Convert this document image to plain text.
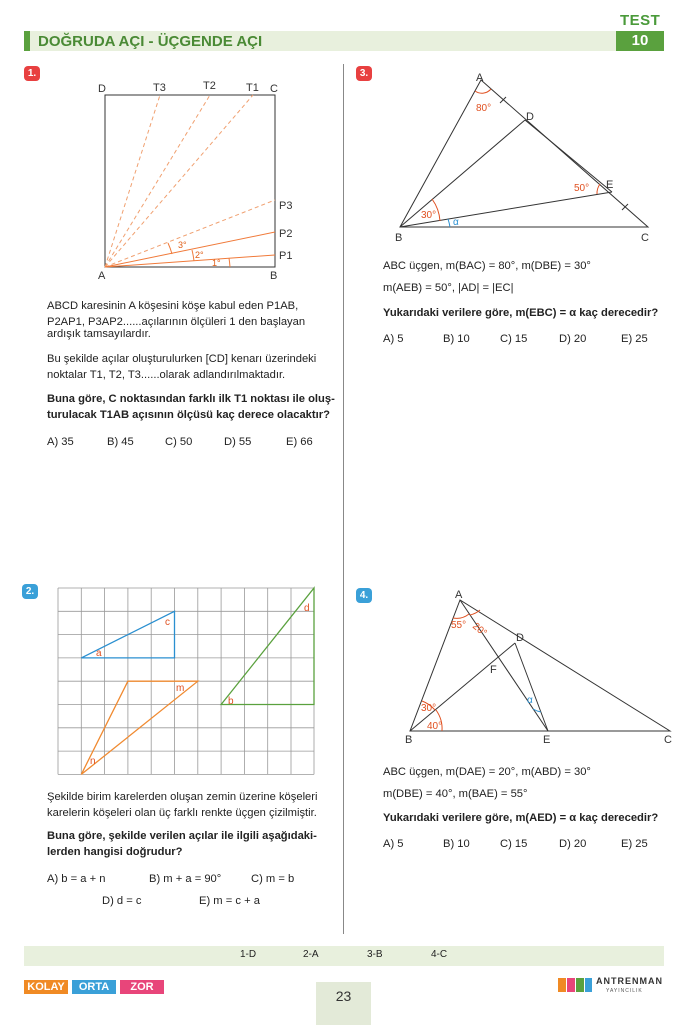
TEST
DOĞRUDA AÇI - ÜÇGENDE AÇI	10
1.
D	C
A	B
T3	T2	T1
P3
P2
P1
3°
2°
1°
ABCD karesinin A köşesini köşe kabul eden P1AB,
P2AP1, P3AP2......açılarının ölçüleri 1 den başlayan
ardışık tamsayılardır.
Bu şekilde açılar oluşturulurken [CD] kenarı üzerindeki
noktalar T1, T2, T3......olarak adlandırılmaktadır.
Buna göre, C noktasından farklı ilk T1 noktası ile oluş-
turulacak T1AB açısının ölçüsü kaç derece olacaktır?
A) 35	B) 45	C) 50	D) 55	E) 66
2.
a
c
m
n
b
d
Şekilde birim karelerden oluşan zemin üzerine köşeleri
karelerin köşeleri olan üç farklı renkte üçgen çizilmiştir.
Buna göre, şekilde verilen açılar ile ilgili aşağıdaki-
lerden hangisi doğrudur?
A) b = a + n	B) m + a = 90°	C) m = b
D) d = c	E) m = c + a
3.	A
B	C
D
E
80°
50°
30°
α
ABC üçgen, m(BAC) = 80°, m(DBE) = 30°
m(AEB) = 50°, |AD| = |EC|
Yukarıdaki verilere göre, m(EBC) = α kaç derecedir?
A) 5	B) 10	C) 15	D) 20	E) 25
4.	A
B	C
D
E
F
55° 20°
30°
40°
α
ABC üçgen, m(DAE) = 20°, m(ABD) = 30°
m(DBE) = 40°, m(BAE) = 55°
Yukarıdaki verilere göre, m(AED) = α kaç derecedir?
A) 5	B) 10	C) 15	D) 20	E) 25
1-D	2-A	3-B	4-C
KOLAY	ORTA	ZOR
23
ANTRENMAN
YAYINCILIK
